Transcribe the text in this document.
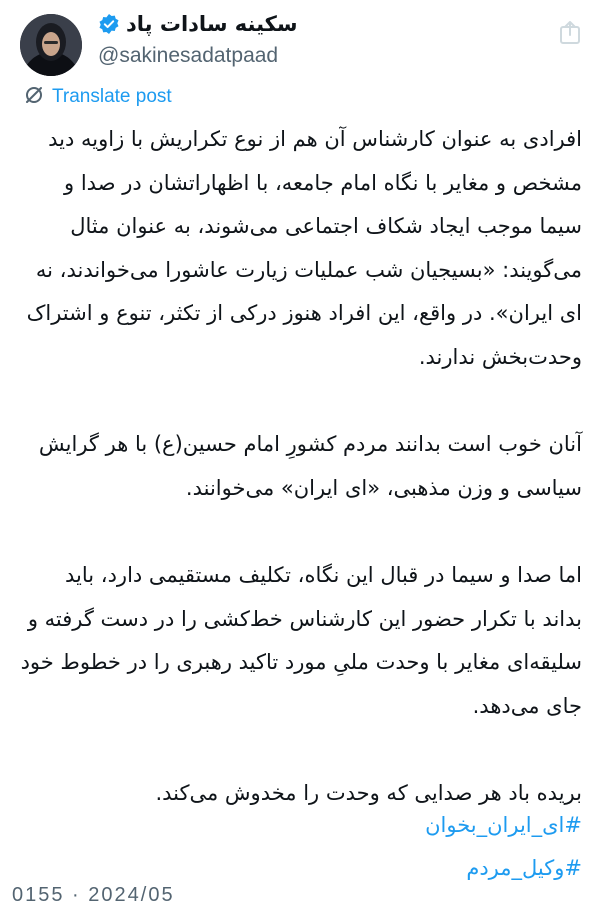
سکینه سادات پاد
@sakinesadatpaad
Translate post

افرادی به عنوان کارشناس آن هم از نوع تکراریش با زاویه دید مشخص و مغایر با نگاه امام جامعه، با اظهاراتشان در صدا و سیما موجب ایجاد شکاف اجتماعی می‌شوند، به عنوان مثال می‌گویند: «بسیجیان شب عملیات زیارت عاشورا می‌خواندند، نه ای ایران». در واقع، این افراد هنوز درکی از تکثر، تنوع و اشتراک وحدت‌بخش ندارند.

آنان خوب است بدانند مردم کشورِ امام حسین(ع) با هر گرایش سیاسی و وزن مذهبی، «ای ایران» می‌خوانند.

اما صدا و سیما در قبال این نگاه، تکلیف مستقیمی دارد، باید بداند با تکرار حضور این کارشناس خط‌کشی را در دست گرفته و سلیقه‌ای مغایر با وحدت ملیِ مورد تاکید رهبری را در خطوط خود جای می‌دهد.

بریده باد هر صدایی که وحدت را مخدوش می‌کند.

#ای_ایران_بخوان
#وکیل_مردم
0155 · 2024/05
